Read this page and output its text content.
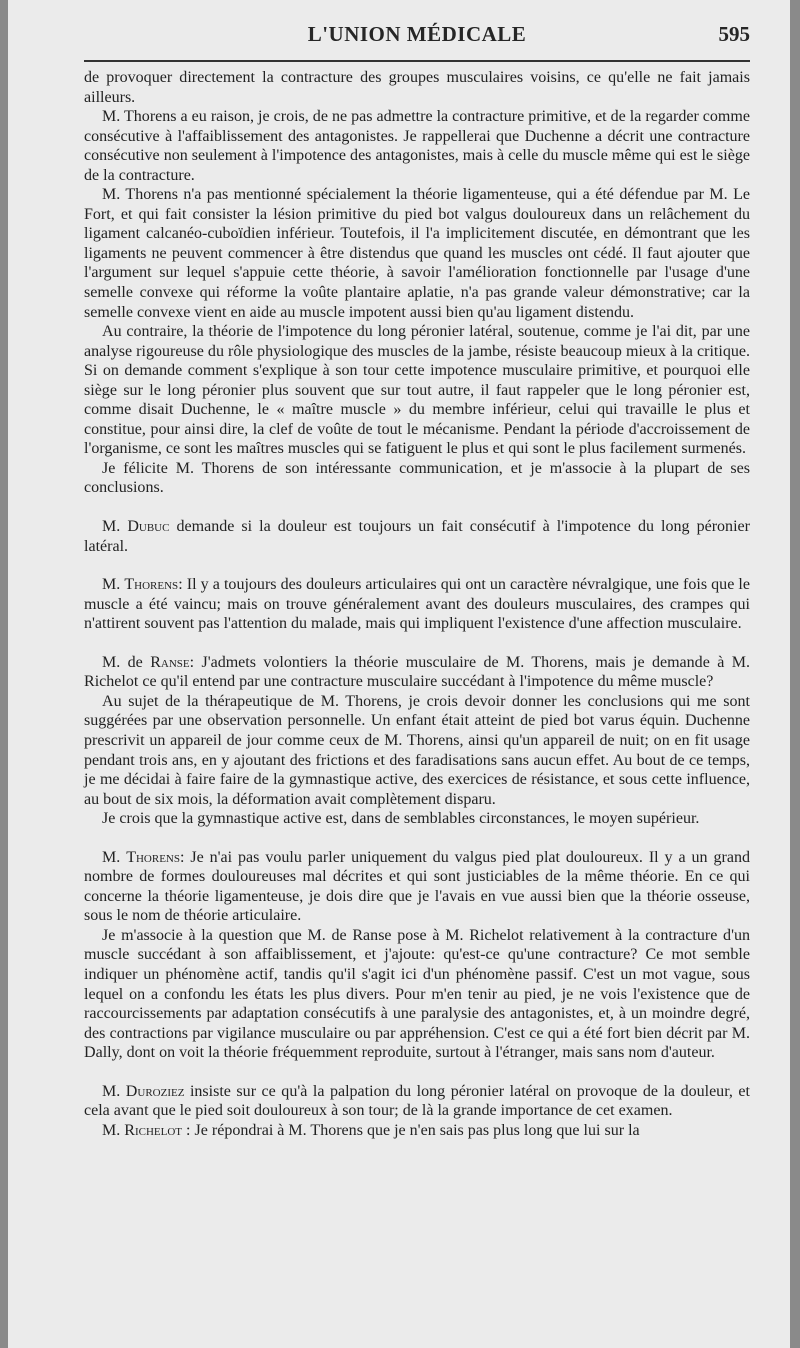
L'UNION MÉDICALE	595

de provoquer directement la contracture des groupes musculaires voisins, ce qu'elle ne fait jamais ailleurs.

M. Thorens a eu raison, je crois, de ne pas admettre la contracture primitive, et de la regarder comme consécutive à l'affaiblissement des antagonistes. Je rappellerai que Duchenne a décrit une contracture consécutive non seulement à l'impotence des antagonistes, mais à celle du muscle même qui est le siège de la contracture.

M. Thorens n'a pas mentionné spécialement la théorie ligamenteuse, qui a été défendue par M. Le Fort, et qui fait consister la lésion primitive du pied bot valgus douloureux dans un relâchement du ligament calcanéo-cuboïdien inférieur. Toutefois, il l'a implicitement discutée, en démontrant que les ligaments ne peuvent commencer à être distendus que quand les muscles ont cédé. Il faut ajouter que l'argument sur lequel s'appuie cette théorie, à savoir l'amélioration fonctionnelle par l'usage d'une semelle convexe qui réforme la voûte plantaire aplatie, n'a pas grande valeur démonstrative; car la semelle convexe vient en aide au muscle impotent aussi bien qu'au ligament distendu.

Au contraire, la théorie de l'impotence du long péronier latéral, soutenue, comme je l'ai dit, par une analyse rigoureuse du rôle physiologique des muscles de la jambe, résiste beaucoup mieux à la critique. Si on demande comment s'explique à son tour cette impotence musculaire primitive, et pourquoi elle siège sur le long péronier plus souvent que sur tout autre, il faut rappeler que le long péronier est, comme disait Duchenne, le « maître muscle » du membre inférieur, celui qui travaille le plus et constitue, pour ainsi dire, la clef de voûte de tout le mécanisme. Pendant la période d'accroissement de l'organisme, ce sont les maîtres muscles qui se fatiguent le plus et qui sont le plus facilement surmenés.

Je félicite M. Thorens de son intéressante communication, et je m'associe à la plupart de ses conclusions.

M. Dubuc demande si la douleur est toujours un fait consécutif à l'impotence du long péronier latéral.

M. Thorens: Il y a toujours des douleurs articulaires qui ont un caractère névralgique, une fois que le muscle a été vaincu; mais on trouve généralement avant des douleurs musculaires, des crampes qui n'attirent souvent pas l'attention du malade, mais qui impliquent l'existence d'une affection musculaire.

M. de Ranse: J'admets volontiers la théorie musculaire de M. Thorens, mais je demande à M. Richelot ce qu'il entend par une contracture musculaire succédant à l'impotence du même muscle?

Au sujet de la thérapeutique de M. Thorens, je crois devoir donner les conclusions qui me sont suggérées par une observation personnelle. Un enfant était atteint de pied bot varus équin. Duchenne prescrivit un appareil de jour comme ceux de M. Thorens, ainsi qu'un appareil de nuit; on en fit usage pendant trois ans, en y ajoutant des frictions et des faradisations sans aucun effet. Au bout de ce temps, je me décidai à faire faire de la gymnastique active, des exercices de résistance, et sous cette influence, au bout de six mois, la déformation avait complètement disparu.

Je crois que la gymnastique active est, dans de semblables circonstances, le moyen supérieur.

M. Thorens: Je n'ai pas voulu parler uniquement du valgus pied plat douloureux. Il y a un grand nombre de formes douloureuses mal décrites et qui sont justiciables de la même théorie. En ce qui concerne la théorie ligamenteuse, je dois dire que je l'avais en vue aussi bien que la théorie osseuse, sous le nom de théorie articulaire.

Je m'associe à la question que M. de Ranse pose à M. Richelot relativement à la contracture d'un muscle succédant à son affaiblissement, et j'ajoute: qu'est-ce qu'une contracture? Ce mot semble indiquer un phénomène actif, tandis qu'il s'agit ici d'un phénomène passif. C'est un mot vague, sous lequel on a confondu les états les plus divers. Pour m'en tenir au pied, je ne vois l'existence que de raccourcissements par adaptation consécutifs à une paralysie des antagonistes, et, à un moindre degré, des contractions par vigilance musculaire ou par appréhension. C'est ce qui a été fort bien décrit par M. Dally, dont on voit la théorie fréquemment reproduite, surtout à l'étranger, mais sans nom d'auteur.

M. Duroziez insiste sur ce qu'à la palpation du long péronier latéral on provoque de la douleur, et cela avant que le pied soit douloureux à son tour; de là la grande importance de cet examen.

M. Richelot : Je répondrai à M. Thorens que je n'en sais pas plus long que lui sur la
